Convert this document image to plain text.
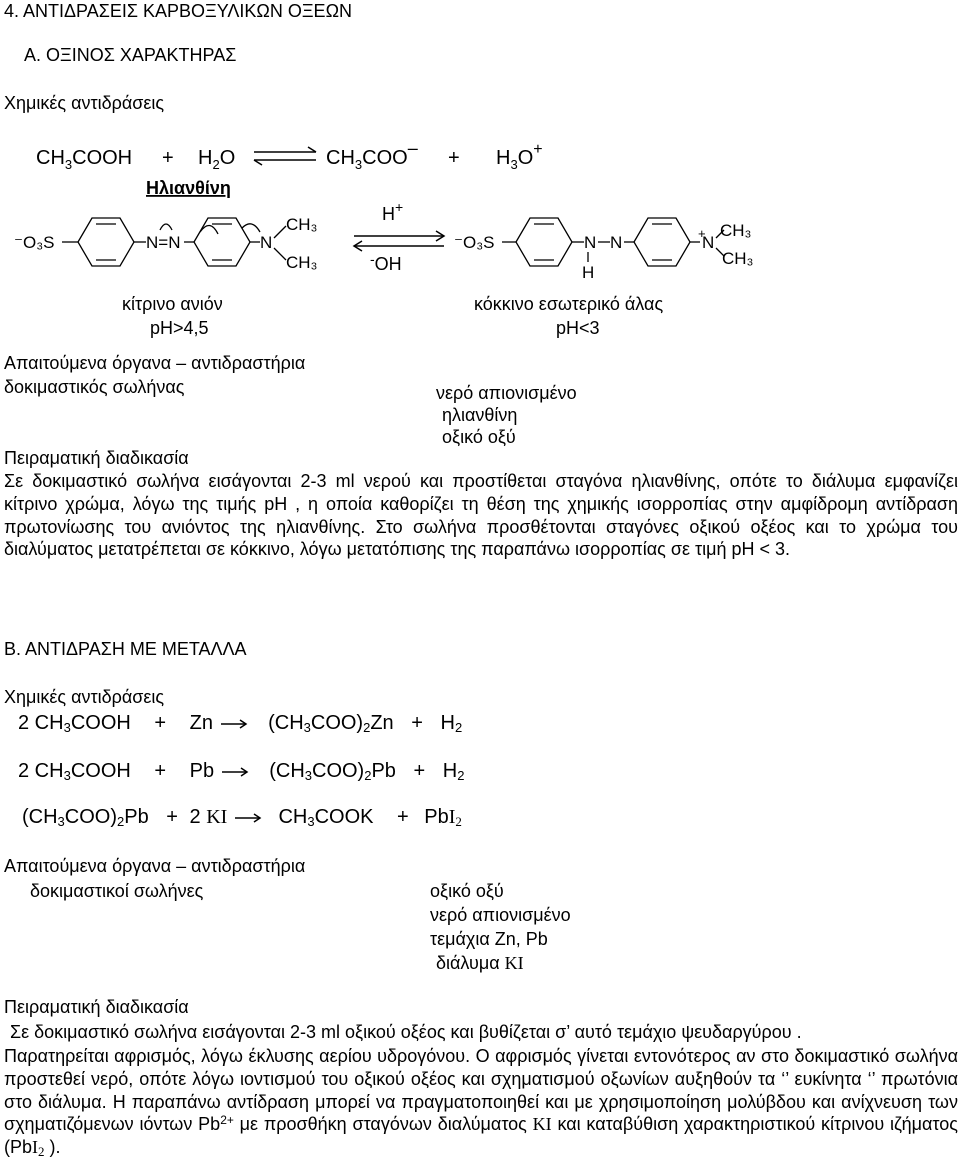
4. ΑΝΤΙΔΡΑΣΕΙΣ ΚΑΡΒΟΞΥΛΙΚΩΝ ΟΞΕΩΝ
Α. ΟΞΙΝΟΣ ΧΑΡΑΚΤΗΡΑΣ
Χημικές αντιδράσεις
$CH_3COOH + H_2O$	$CH_3COO- + H_3O^+$
Ηλιανθίνη
⁻O₃S	N=N	N
CH₃
CH₃
H+
-OH
⁻O₃S	N
H
N	+
N
CH₃
CH₃
κίτρινο ανιόν
pH>4,5
κόκκινο εσωτερικό άλας
pH<3
Απαιτούμενα όργανα – αντιδραστήρια
δοκιμαστικός σωλήνας	νερό απιονισμένο
ηλιανθίνη
οξικό οξύ
Πειραματική διαδικασία
Σε δοκιμαστικό σωλήνα εισάγονται 2-3 ml νερού και προστίθεται σταγόνα ηλιανθίνης, οπότε το διάλυμα εμφανίζει κίτρινο χρώμα, λόγω της τιμής pH , η οποία καθορίζει τη θέση της χημικής ισορροπίας στην αμφίδρομη αντίδραση πρωτονίωσης του ανιόντος της ηλιανθίνης. Στο σωλήνα προσθέτονται σταγόνες οξικού οξέος και το χρώμα του διαλύματος μετατρέπεται σε κόκκινο, λόγω μετατόπισης της παραπάνω ισορροπίας σε τιμή pH < 3.
Β. ΑΝΤΙΔΡΑΣΗ ΜΕ ΜΕΤΑΛΛΑ
Χημικές αντιδράσεις
2 $CH_3COOH + Zn \to (CH_3COO)_2Zn + H_2$
2 $CH_3COOH + Pb \to (CH_3COO)_2Pb + H_2$
$(CH_3COO)_2Pb + 2$ KI → $CH_3COOK + PbI_2$
Απαιτούμενα όργανα – αντιδραστήρια
δοκιμαστικοί σωλήνες	οξικό οξύ
νερό απιονισμένο
τεμάχια Zn, Pb
διάλυμα KI
Πειραματική διαδικασία
Σε δοκιμαστικό σωλήνα εισάγονται 2-3 ml οξικού οξέος και βυθίζεται σ’ αυτό τεμάχιο ψευδαργύρου .
Παρατηρείται αφρισμός, λόγω έκλυσης αερίου υδρογόνου. Ο αφρισμός γίνεται εντονότερος αν στο δοκιμαστικό σωλήνα προστεθεί νερό, οπότε λόγω ιοντισμού του οξικού οξέος και σχηματισμού οξωνίων αυξηθούν τα ‘’ ευκίνητα ‘’ πρωτόνια στο διάλυμα. Η παραπάνω αντίδραση μπορεί να πραγματοποιηθεί και με χρησιμοποίηση μολύβδου και ανίχνευση των σχηματιζόμενων ιόντων $Pb^{2+}$ με προσθήκη σταγόνων διαλύματος KI και καταβύθιση χαρακτηριστικού κίτρινου ιζήματος (PbI$_2$ ).
